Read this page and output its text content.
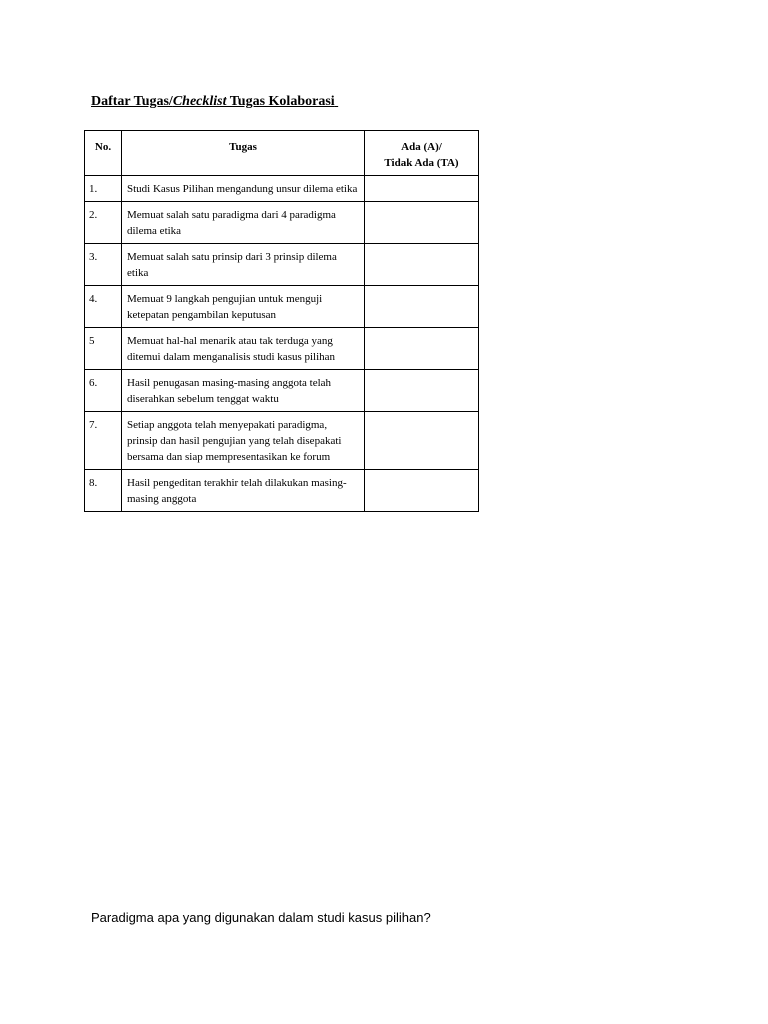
Daftar Tugas/Checklist Tugas Kolaborasi
No.	Tugas	Ada (A)/
Tidak Ada (TA)
1.	Studi Kasus Pilihan mengandung unsur dilema etika	
2.	Memuat salah satu paradigma dari 4 paradigma dilema etika	
3.	Memuat salah satu prinsip dari 3 prinsip dilema etika	
4.	Memuat 9 langkah pengujian untuk menguji ketepatan pengambilan keputusan	
5	Memuat hal-hal menarik atau tak terduga yang ditemui dalam menganalisis studi kasus pilihan	
6.	Hasil penugasan masing-masing anggota telah diserahkan sebelum tenggat waktu	
7.	Setiap anggota telah menyepakati paradigma, prinsip dan hasil pengujian yang telah disepakati bersama dan siap mempresentasikan ke forum	
8.	Hasil pengeditan terakhir telah dilakukan masing-masing anggota	
Paradigma apa yang digunakan dalam studi kasus pilihan?
